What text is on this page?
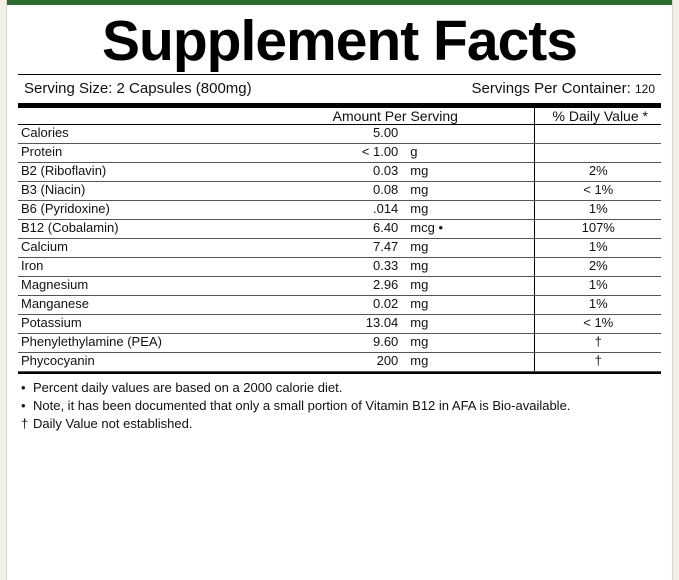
Supplement Facts
Serving Size: 2 Capsules (800mg)	Servings Per Container: 120
	Amount Per Serving	% Daily Value *
Calories	5.00	

Protein	< 1.00 g	

B2 (Riboflavin)	0.03 mg	2%
B3 (Niacin)	0.08 mg	< 1%
B6 (Pyridoxine)	.014 mg	1%
B12 (Cobalamin)	6.40 mcg •	107%
Calcium	7.47 mg	1%
Iron	0.33 mg	2%
Magnesium	2.96 mg	1%
Manganese	0.02 mg	1%
Potassium	13.04 mg	< 1%
Phenylethylamine (PEA)	9.60 mg	†
Phycocyanin	200 mg	†
• Percent daily values are based on a 2000 calorie diet.
• Note, it has been documented that only a small portion of Vitamin B12 in AFA is Bio-available.
† Daily Value not established.
